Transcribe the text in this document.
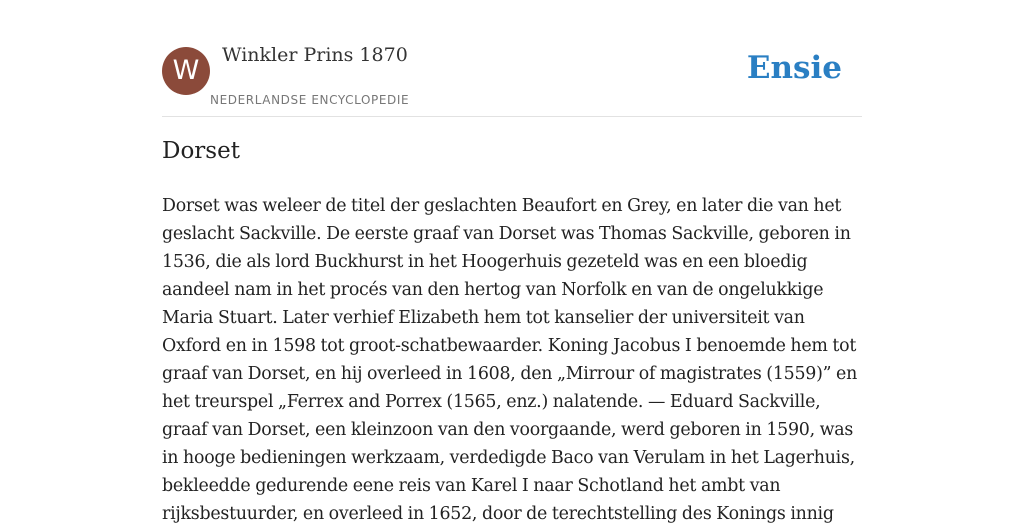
W	Winkler Prins 1870
NEDERLANDSE ENCYCLOPEDIE
Ensie
Dorset

Dorset was weleer de titel der geslachten Beaufort en Grey, en later die van het geslacht Sackville. De eerste graaf van Dorset was Thomas Sackville, geboren in 1536, die als lord Buckhurst in het Hoogerhuis gezeteld was en een bloedig aandeel nam in het procés van den hertog van Norfolk en van de ongelukkige Maria Stuart. Later verhief Elizabeth hem tot kanselier der universiteit van Oxford en in 1598 tot groot-schatbewaarder. Koning Jacobus I benoemde hem tot graaf van Dorset, en hij overleed in 1608, den „Mirrour of magistrates (1559)” en het treurspel „Ferrex and Porrex (1565, enz.) nalatende. — Eduard Sackville, graaf van Dorset, een kleinzoon van den voorgaande, werd geboren in 1590, was in hooge bedieningen werkzaam, verdedigde Baco van Verulam in het Lagerhuis, bekleedde gedurende eene reis van Karel I naar Schotland het ambt van rijksbestuurder, en overleed in 1652, door de terechtstelling des Konings innig
